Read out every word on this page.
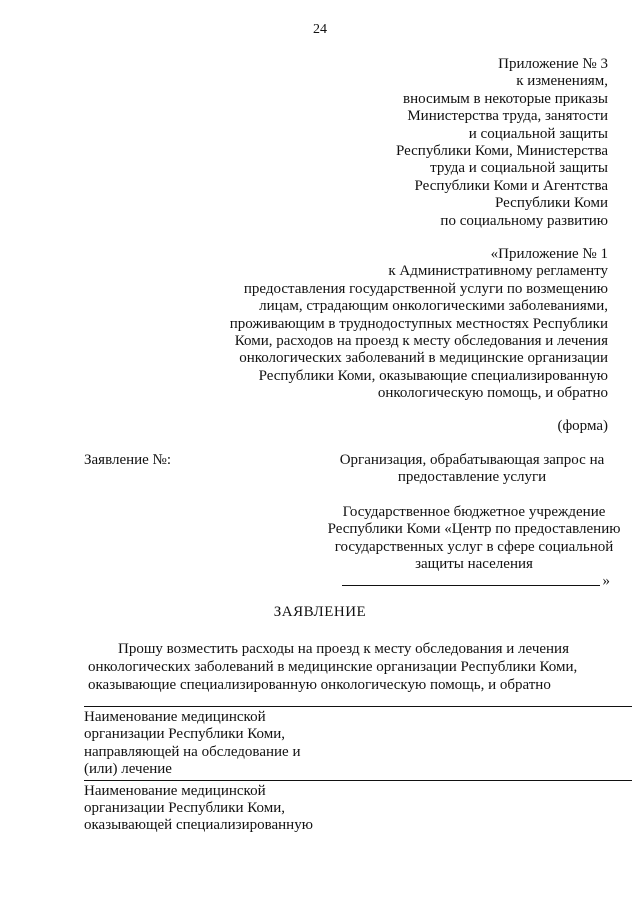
24
Приложение № 3
к изменениям,
вносимым в некоторые приказы
Министерства труда, занятости
и социальной защиты
Республики Коми, Министерства
труда и социальной защиты
Республики Коми и Агентства
Республики Коми
по социальному развитию
«Приложение № 1
к Административному регламенту
предоставления государственной услуги по возмещению
лицам, страдающим онкологическими заболеваниями,
проживающим в труднодоступных местностях Республики
Коми, расходов на проезд к месту обследования и лечения
онкологических заболеваний в медицинские организации
Республики Коми, оказывающие специализированную
онкологическую помощь, и обратно
(форма)
Заявление №:	Организация, обрабатывающая запрос на
предоставление услуги
Государственное бюджетное учреждение
Республики Коми «Центр по предоставлению
государственных услуг в сфере социальной
защиты населения
»
ЗАЯВЛЕНИЕ
Прошу возместить расходы на проезд к месту обследования и лечения
онкологических заболеваний в медицинские организации Республики Коми,
оказывающие специализированную онкологическую помощь, и обратно
Наименование медицинской
организации Республики Коми,
направляющей на обследование и
(или) лечение	

Наименование медицинской
организации Республики Коми,
оказывающей специализированную	
